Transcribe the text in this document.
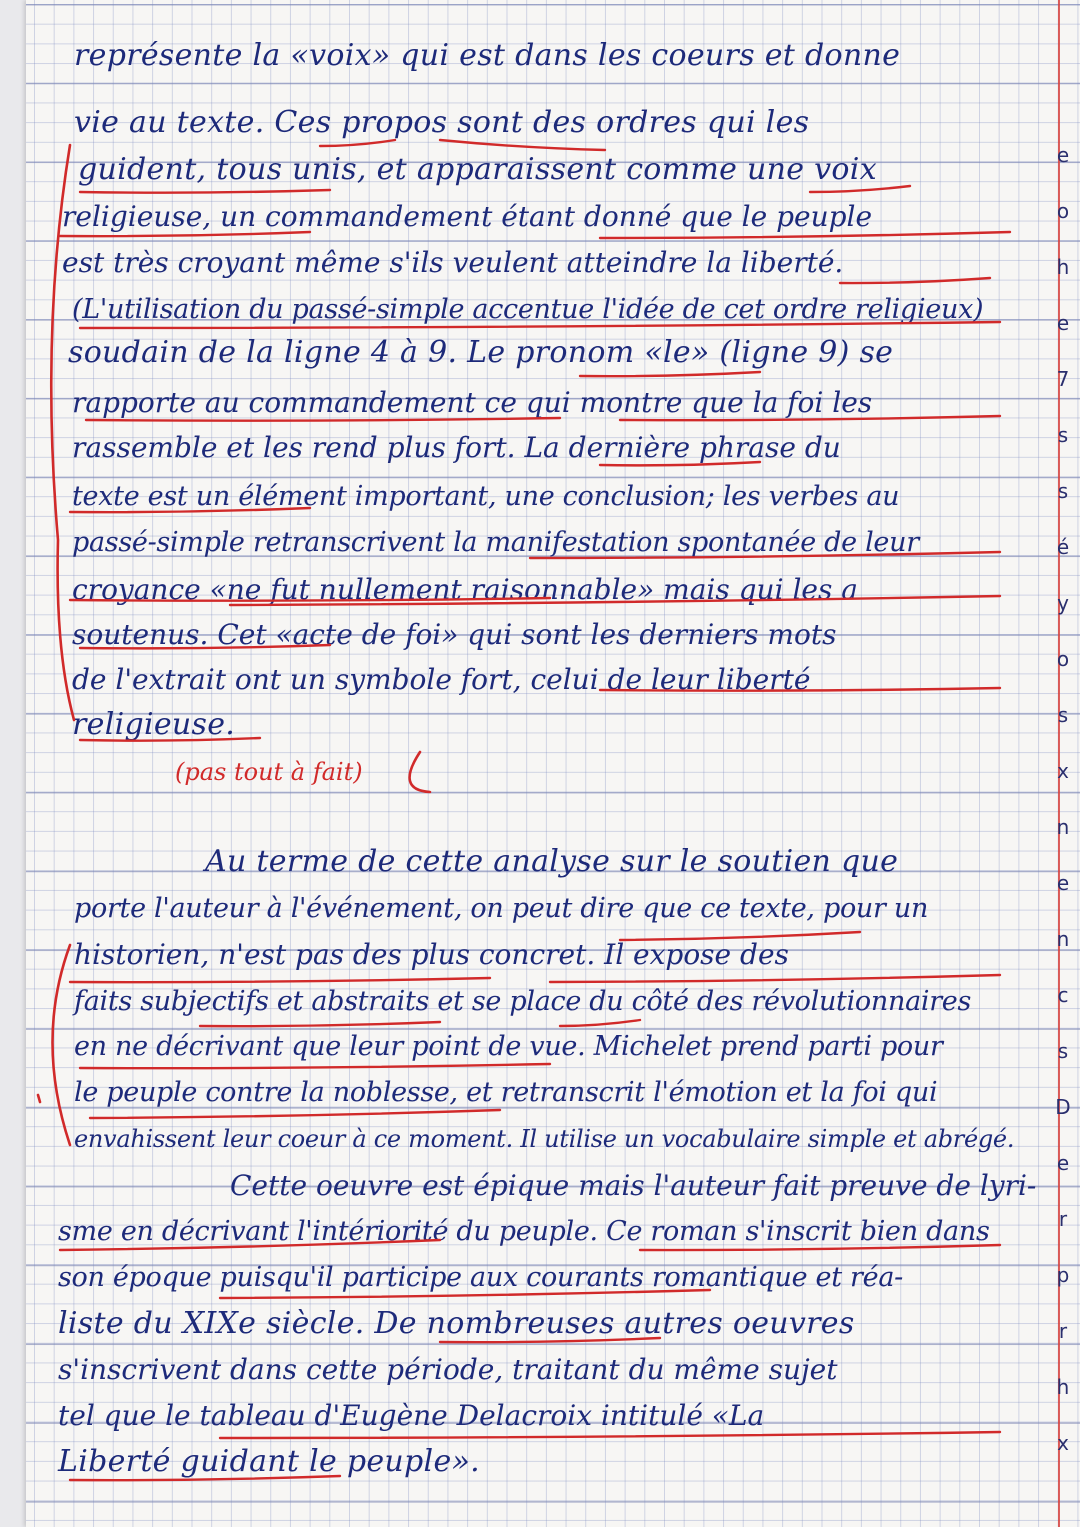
représente la «voix» qui est dans les coeurs et donne
vie au texte. Ces propos sont des ordres qui les
guident, tous unis, et apparaissent comme une voix
religieuse, un commandement étant donné que le peuple
est très croyant même s'ils veulent atteindre la liberté.
(L'utilisation du passé-simple accentue l'idée de cet ordre religieux)
soudain de la ligne 4 à 9. Le pronom «le» (ligne 9) se
rapporte au commandement ce qui montre que la foi les
rassemble et les rend plus fort. La dernière phrase du
texte est un élément important, une conclusion; les verbes au
passé-simple retranscrivent la manifestation spontanée de leur
croyance «ne fut nullement raisonnable» mais qui les a
soutenus. Cet «acte de foi» qui sont les derniers mots
de l'extrait ont un symbole fort, celui de leur liberté
religieuse.
(pas tout à fait)
Au terme de cette analyse sur le soutien que
porte l'auteur à l'événement, on peut dire que ce texte, pour un
historien, n'est pas des plus concret. Il expose des
faits subjectifs et abstraits et se place du côté des révolutionnaires
en ne décrivant que leur point de vue. Michelet prend parti pour
le peuple contre la noblesse, et retranscrit l'émotion et la foi qui
envahissent leur coeur à ce moment. Il utilise un vocabulaire simple et abrégé.
Cette oeuvre est épique mais l'auteur fait preuve de lyri-
sme en décrivant l'intériorité du peuple. Ce roman s'inscrit bien dans
son époque puisqu'il participe aux courants romantique et réa-
liste du XIXe siècle. De nombreuses autres oeuvres
s'inscrivent dans cette période, traitant du même sujet
tel que le tableau d'Eugène Delacroix intitulé «La
Liberté guidant le peuple».
e
o
h
e
7
s
s
é
y
o
s
x
n
e
n
c
s
D
e
r
p
r
h
x
